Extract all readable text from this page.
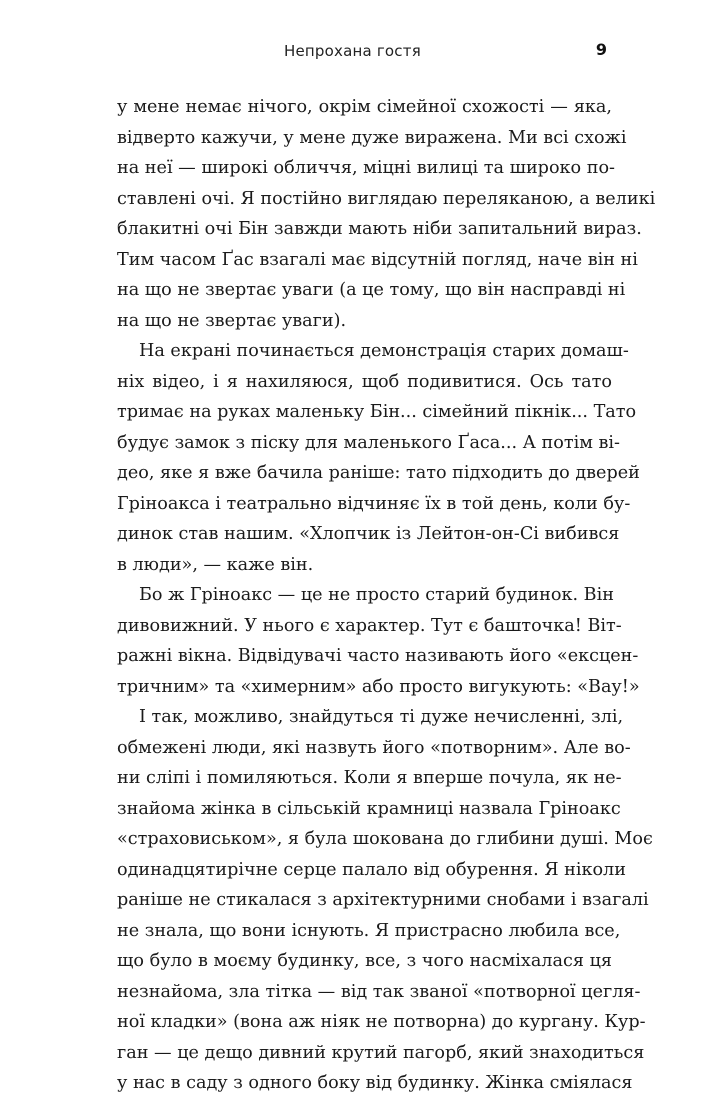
Непрохана гостя	9
у мене немає нічого, окрім сімейної схожості — яка,
відверто кажучи, у мене дуже виражена. Ми всі схожі
на неї — широкі обличчя, міцні вилиці та широко по-
ставлені очі. Я постійно виглядаю переляканою, а великі
блакитні очі Бін завжди мають ніби запитальний вираз.
Тим часом Ґас взагалі має відсутній погляд, наче він ні
на що не звертає уваги (а це тому, що він насправді ні
на що не звертає уваги).
На екрані починається демонстрація старих домаш-
ніх відео, і я нахиляюся, щоб подивитися. Ось тато
тримає на руках маленьку Бін... сімейний пікнік... Тато
будує замок з піску для маленького Ґаса... А потім ві-
део, яке я вже бачила раніше: тато підходить до дверей
Гріноакса і театрально відчиняє їх в той день, коли бу-
динок став нашим. «Хлопчик із Лейтон-он-Сі вибився
в люди», — каже він.
Бо ж Гріноакс — це не просто старий будинок. Він
дивовижний. У нього є характер. Тут є башточка! Віт-
ражні вікна. Відвідувачі часто називають його «ексцен-
тричним» та «химерним» або просто вигукують: «Вау!»
І так, можливо, знайдуться ті дуже нечисленні, злі,
обмежені люди, які назвуть його «потворним». Але во-
ни сліпі і помиляються. Коли я вперше почула, як не-
знайома жінка в сільській крамниці назвала Гріноакс
«страховиськом», я була шокована до глибини душі. Моє
одинадцятирічне серце палало від обурення. Я ніколи
раніше не стикалася з архітектурними снобами і взагалі
не знала, що вони існують. Я пристрасно любила все,
що було в моєму будинку, все, з чого насміхалася ця
незнайома, зла тітка — від так званої «потворної цегля-
ної кладки» (вона аж ніяк не потворна) до кургану. Кур-
ган — це дещо дивний крутий пагорб, який знаходиться
у нас в саду з одного боку від будинку. Жінка сміялася
